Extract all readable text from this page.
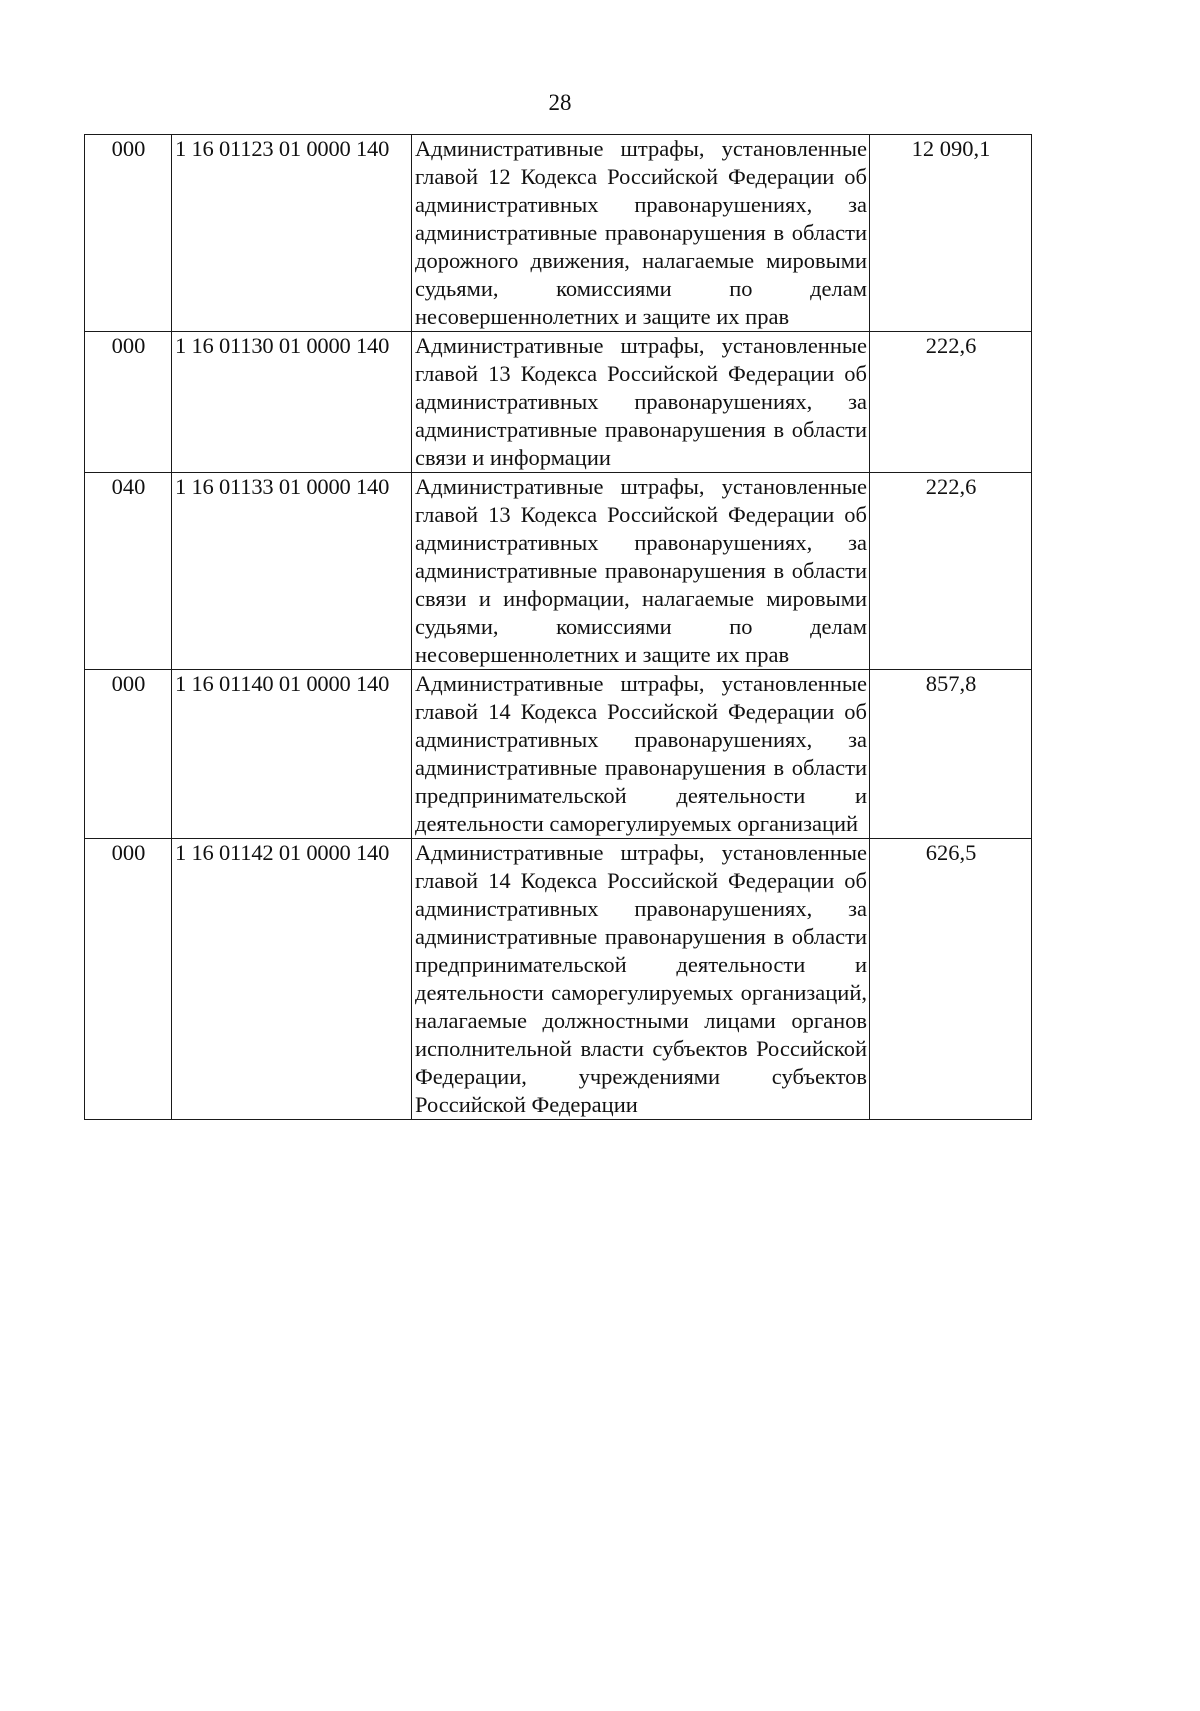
28
000	1 16 01123 01 0000 140	Административные штрафы, установленные главой 12 Кодекса Российской Федерации об административных правонарушениях, за административные правонарушения в области дорожного движения, налагаемые мировыми судьями, комиссиями по делам несовершеннолетних и защите их прав	12 090,1
000	1 16 01130 01 0000 140	Административные штрафы, установленные главой 13 Кодекса Российской Федерации об административных правонарушениях, за административные правонарушения в области связи и информации	222,6
040	1 16 01133 01 0000 140	Административные штрафы, установленные главой 13 Кодекса Российской Федерации об административных правонарушениях, за административные правонарушения в области связи и информации, налагаемые мировыми судьями, комиссиями по делам несовершеннолетних и защите их прав	222,6
000	1 16 01140 01 0000 140	Административные штрафы, установленные главой 14 Кодекса Российской Федерации об административных правонарушениях, за административные правонарушения в области предпринимательской деятельности и деятельности саморегулируемых организаций	857,8
000	1 16 01142 01 0000 140	Административные штрафы, установленные главой 14 Кодекса Российской Федерации об административных правонарушениях, за административные правонарушения в области предпринимательской деятельности и деятельности саморегулируемых организаций, налагаемые должностными лицами органов исполнительной власти субъектов Российской Федерации, учреждениями субъектов Российской Федерации	626,5
